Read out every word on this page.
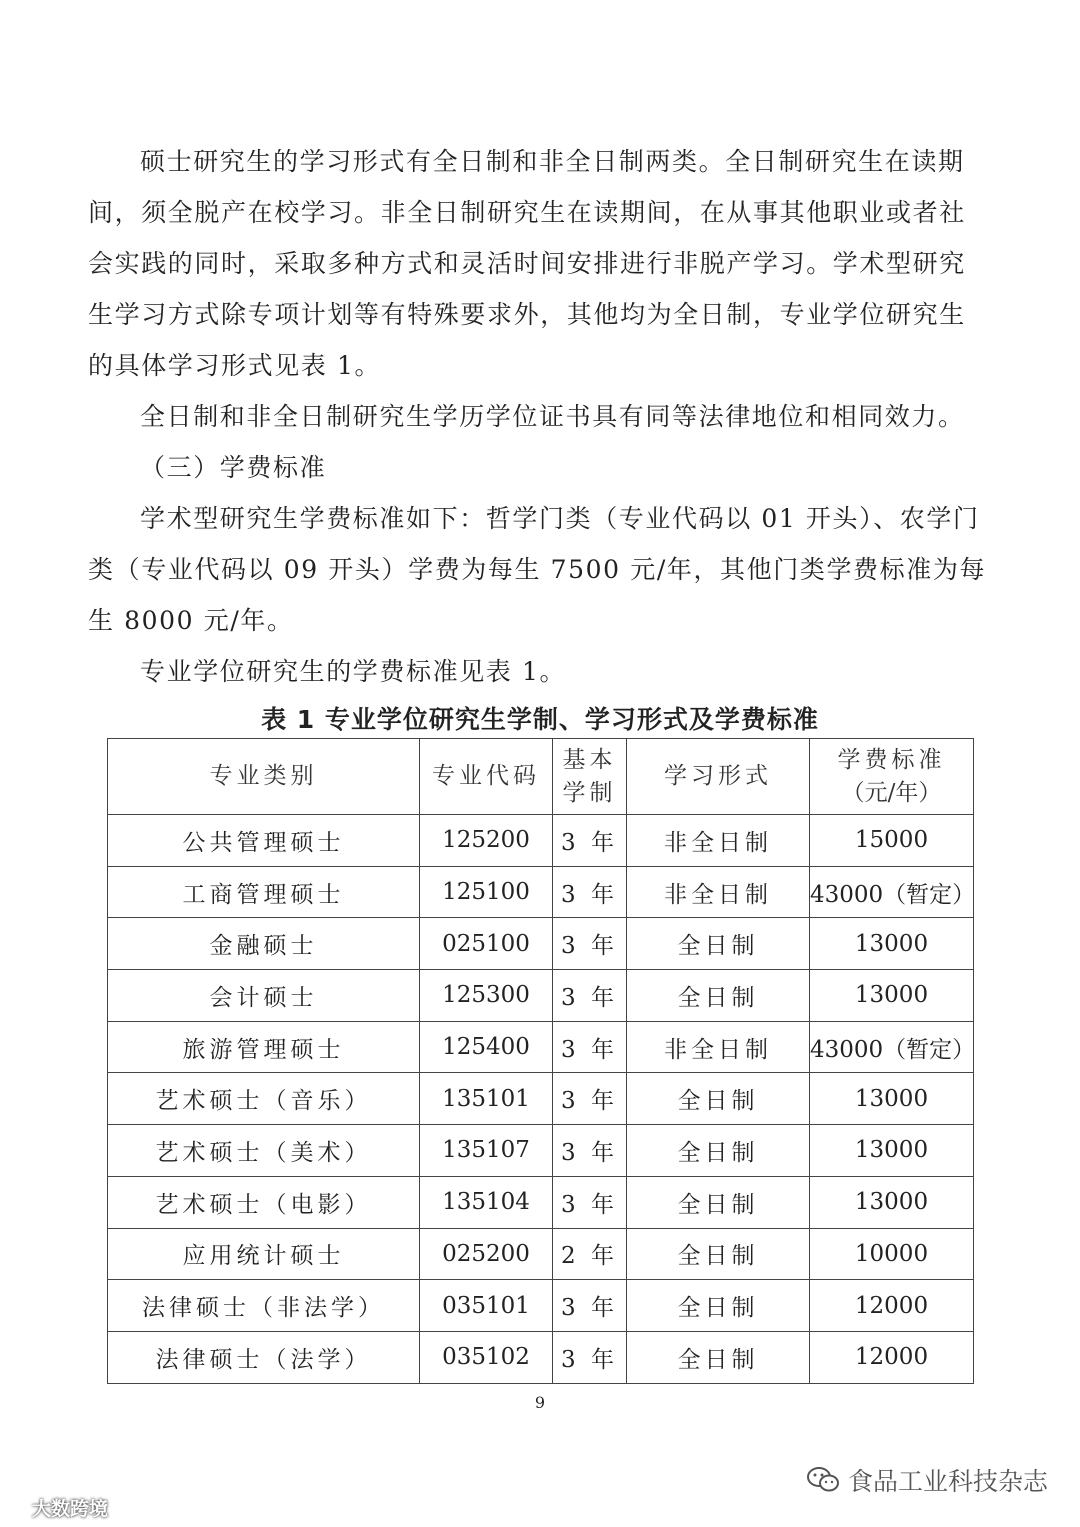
硕士研究生的学习形式有全日制和非全日制两类。全日制研究生在读期间，须全脱产在校学习。非全日制研究生在读期间，在从事其他职业或者社会实践的同时，采取多种方式和灵活时间安排进行非脱产学习。学术型研究生学习方式除专项计划等有特殊要求外，其他均为全日制，专业学位研究生的具体学习形式见表 1。

全日制和非全日制研究生学历学位证书具有同等法律地位和相同效力。

（三）学费标准

学术型研究生学费标准如下：哲学门类（专业代码以 01 开头）、农学门类（专业代码以 09 开头）学费为每生 7500 元/年，其他门类学费标准为每生 8000 元/年。

专业学位研究生的学费标准见表 1。

表 1 专业学位研究生学制、学习形式及学费标准

专业类别	专业代码	基本
学制	学习形式	学费标准
（元/年）
公共管理硕士	125200	3 年	非全日制	15000
工商管理硕士	125100	3 年	非全日制	43000（暂定）
金融硕士	025100	3 年	全日制	13000
会计硕士	125300	3 年	全日制	13000
旅游管理硕士	125400	3 年	非全日制	43000（暂定）
艺术硕士（音乐）	135101	3 年	全日制	13000
艺术硕士（美术）	135107	3 年	全日制	13000
艺术硕士（电影）	135104	3 年	全日制	13000
应用统计硕士	025200	2 年	全日制	10000
法律硕士（非法学）	035101	3 年	全日制	12000
法律硕士（法学）	035102	3 年	全日制	12000

9

大数跨境
食品工业科技杂志
